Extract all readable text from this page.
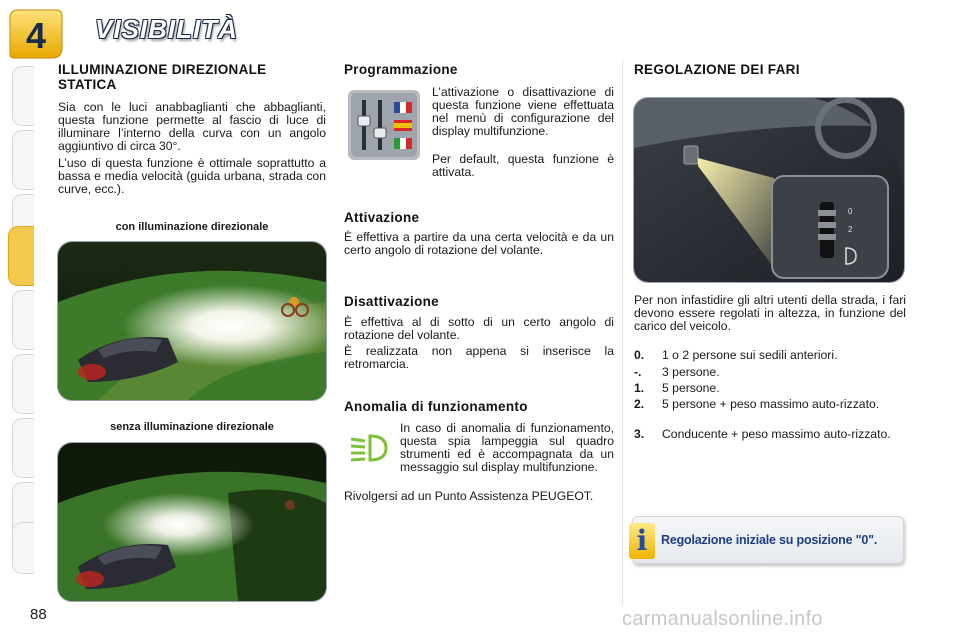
4 VISIBILITÀ
ILLUMINAZIONE DIREZIONALE STATICA

Sia con le luci anabbaglianti che abbaglianti, questa funzione permette al fascio di luce di illuminare l’interno della curva con un angolo aggiuntivo di circa 30°.

L’uso di questa funzione è ottimale soprattutto a bassa e media velocità (guida urbana, strada con curve, ecc.).

con illuminazione direzionale
senza illuminazione direzionale
Programmazione

L’attivazione o disattivazione di questa funzione viene effettuata nel menù di configurazione del display multifunzione.

Per default, questa funzione è attivata.

Attivazione

È effettiva a partire da una certa velocità e da un certo angolo di rotazione del volante.

Disattivazione

È effettiva al di sotto di un certo angolo di rotazione del volante.

È realizzata non appena si inserisce la retromarcia.

Anomalia di funzionamento

In caso di anomalia di funzionamento, questa spia lampeggia sul quadro strumenti ed è accompagnata da un messaggio sul display multifunzione.

Rivolgersi ad un Punto Assistenza PEUGEOT.

REGOLAZIONE DEI FARI
0
2

Per non infastidire gli altri utenti della strada, i fari devono essere regolati in altezza, in funzione del carico del veicolo.

0. 1 o 2 persone sui sedili anteriori.
-. 3 persone.
1. 5 persone.
2. 5 persone + peso massimo auto-rizzato.
3. Conducente + peso massimo auto-rizzato.
i	Regolazione iniziale su posizione "0".
88	carmanualsonline.info
